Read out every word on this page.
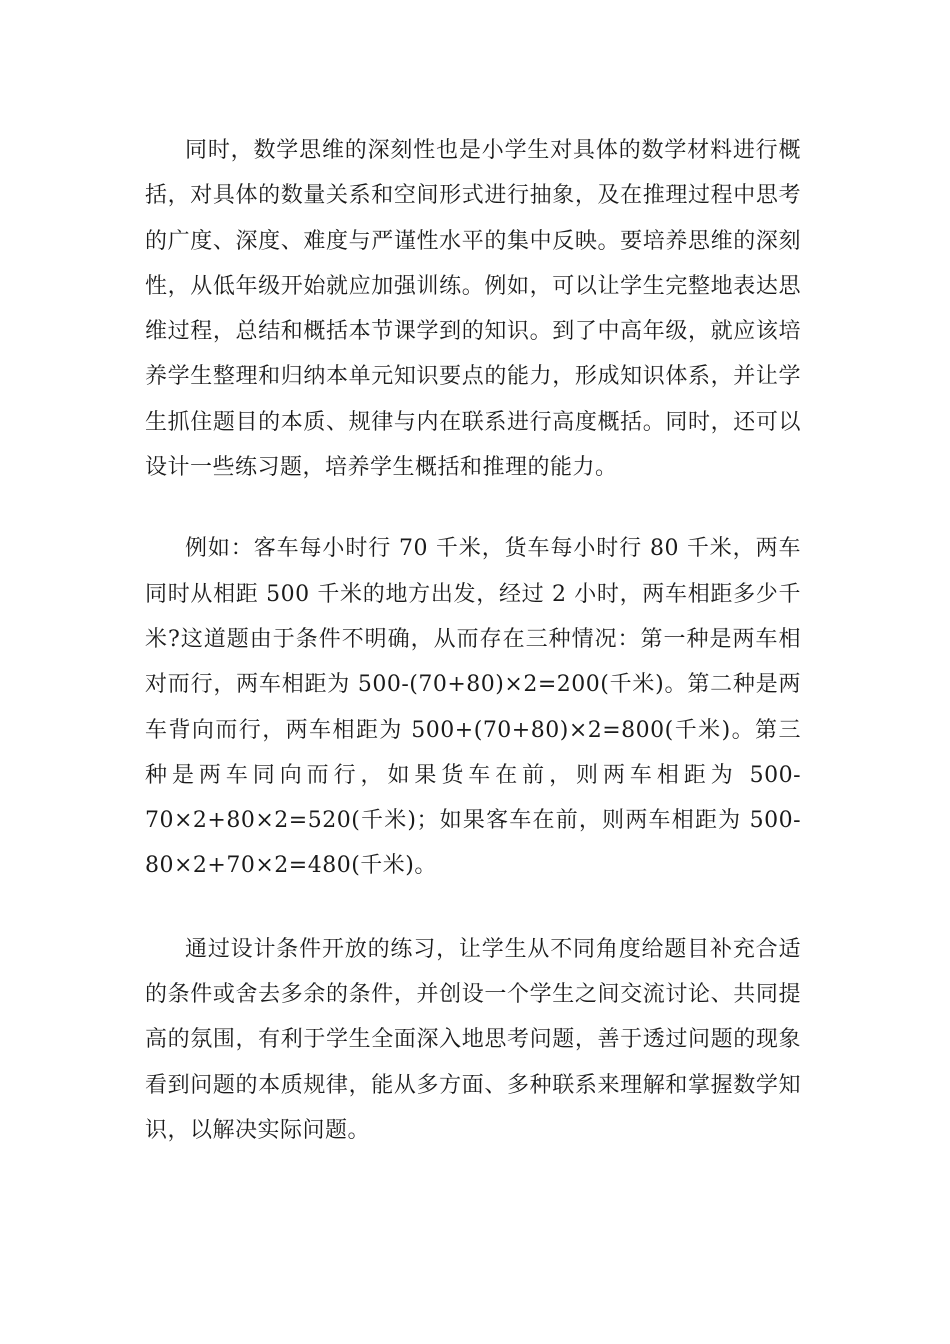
同时，数学思维的深刻性也是小学生对具体的数学材料进行概括，对具体的数量关系和空间形式进行抽象，及在推理过程中思考的广度、深度、难度与严谨性水平的集中反映。要培养思维的深刻性，从低年级开始就应加强训练。例如，可以让学生完整地表达思维过程，总结和概括本节课学到的知识。到了中高年级，就应该培养学生整理和归纳本单元知识要点的能力，形成知识体系，并让学生抓住题目的本质、规律与内在联系进行高度概括。同时，还可以设计一些练习题，培养学生概括和推理的能力。

例如：客车每小时行 70 千米，货车每小时行 80 千米，两车同时从相距 500 千米的地方出发，经过 2 小时，两车相距多少千米?这道题由于条件不明确，从而存在三种情况：第一种是两车相对而行，两车相距为 500-(70+80)×2=200(千米)。第二种是两车背向而行，两车相距为 500+(70+80)×2=800(千米)。第三种是两车同向而行，如果货车在前，则两车相距为 500-70×2+80×2=520(千米)；如果客车在前，则两车相距为 500-80×2+70×2=480(千米)。

通过设计条件开放的练习，让学生从不同角度给题目补充合适的条件或舍去多余的条件，并创设一个学生之间交流讨论、共同提高的氛围，有利于学生全面深入地思考问题，善于透过问题的现象看到问题的本质规律，能从多方面、多种联系来理解和掌握数学知识，以解决实际问题。
